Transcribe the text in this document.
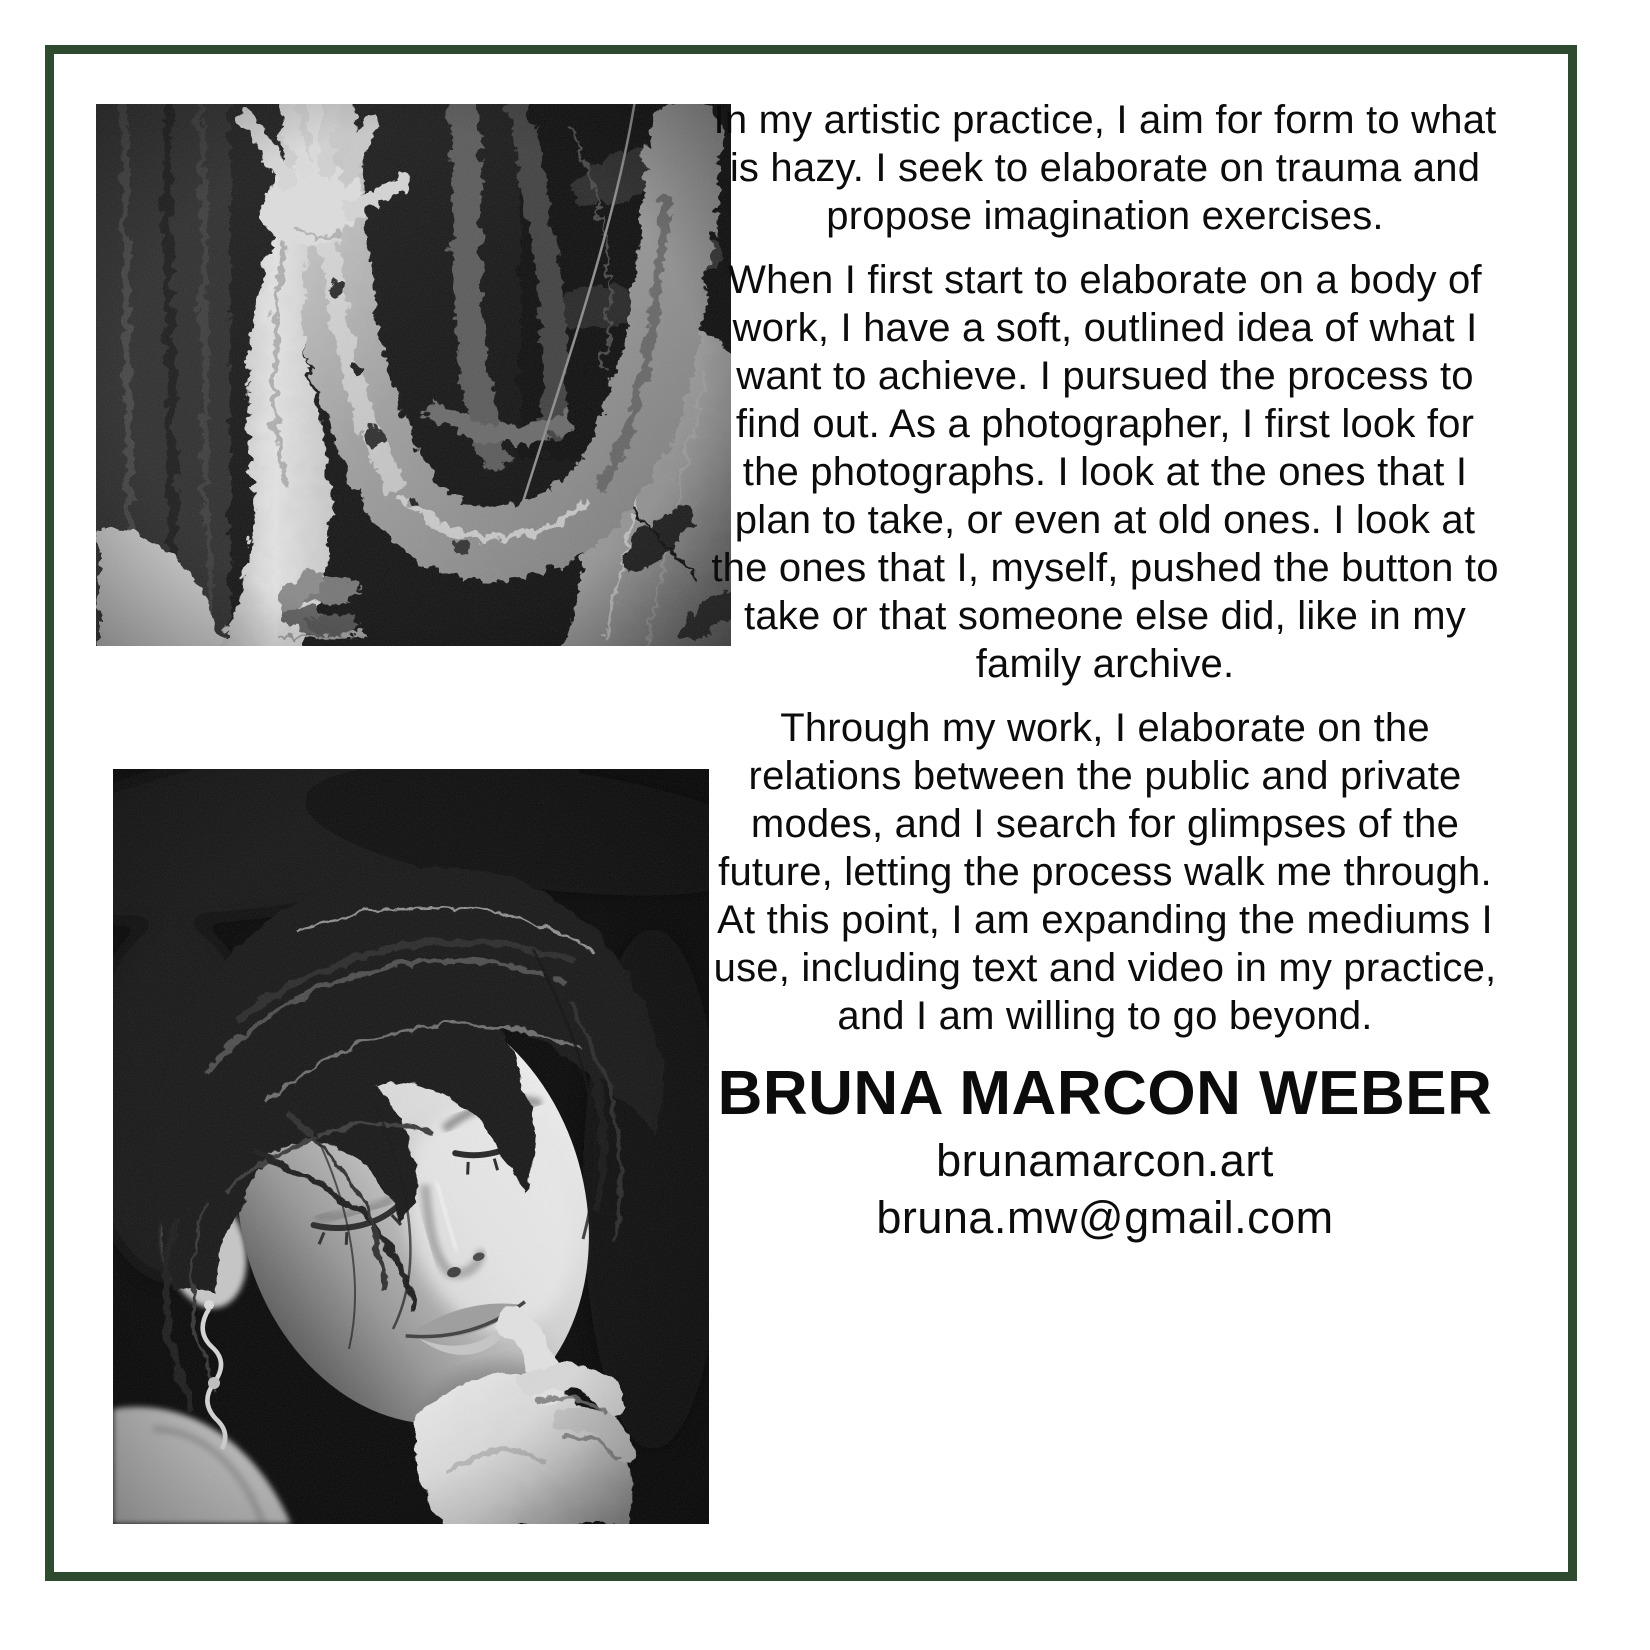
In my artistic practice, I aim for form to what is hazy. I seek to elaborate on trauma and propose imagination exercises.

When I first start to elaborate on a body of work, I have a soft, outlined idea of what I want to achieve. I pursued the process to find out. As a photographer, I first look for the photographs. I look at the ones that I plan to take, or even at old ones. I look at the ones that I, myself, pushed the button to take or that someone else did, like in my family archive.

Through my work, I elaborate on the relations between the public and private modes, and I search for glimpses of the future, letting the process walk me through. At this point, I am expanding the mediums I use, including text and video in my practice, and I am willing to go beyond.

BRUNA MARCON WEBER
brunamarcon.art
bruna.mw@gmail.com
